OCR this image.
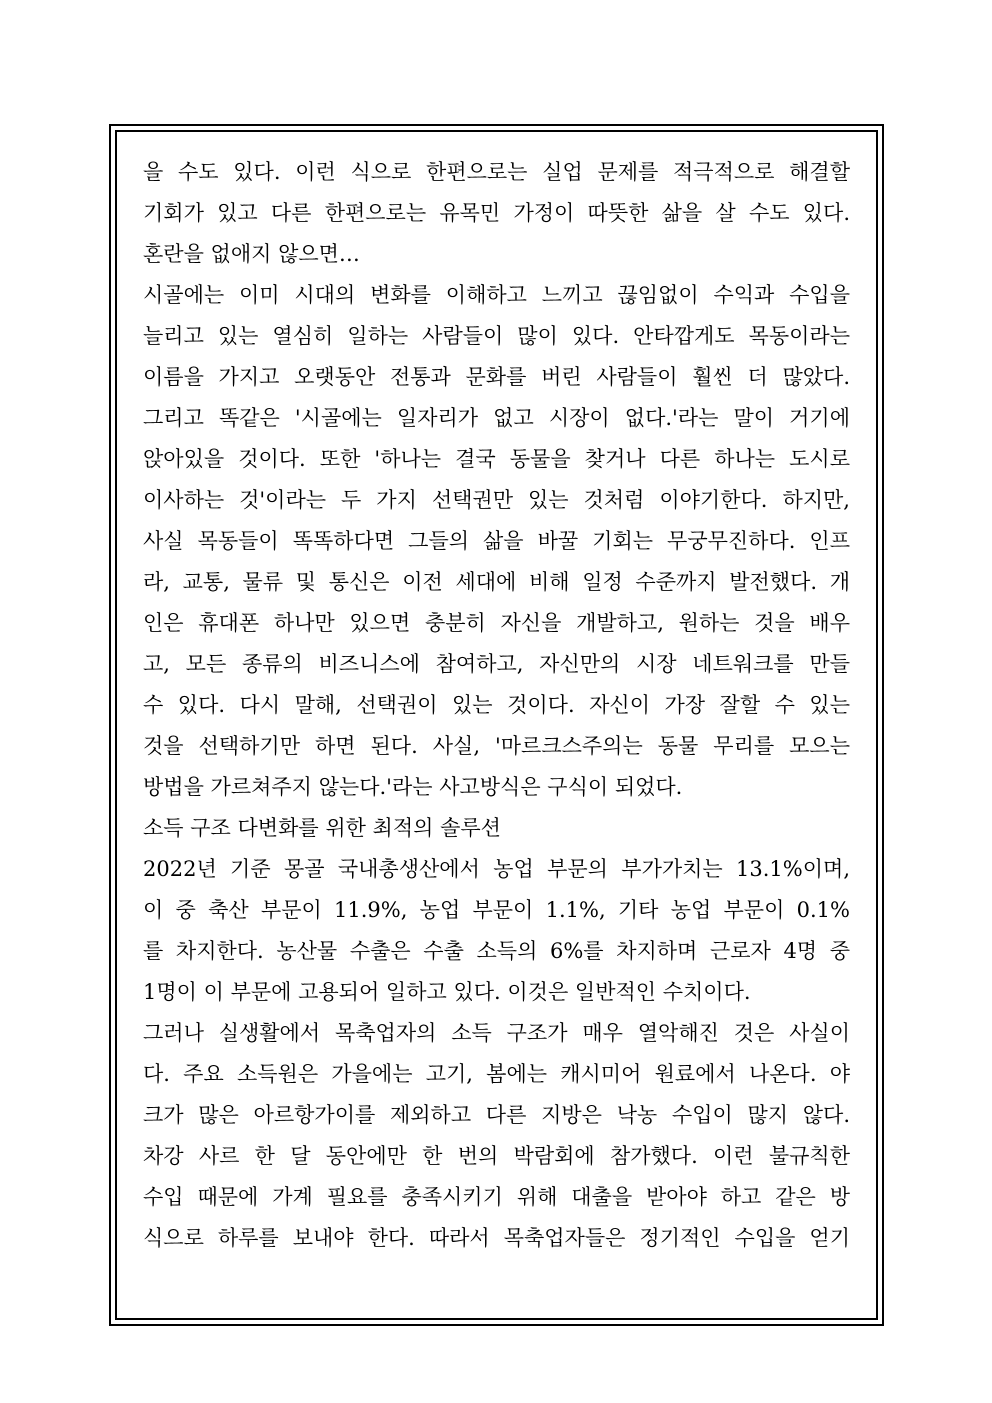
을 수도 있다. 이런 식으로 한편으로는 실업 문제를 적극적으로 해결할
기회가 있고 다른 한편으로는 유목민 가정이 따뜻한 삶을 살 수도 있다.
혼란을 없애지 않으면…
시골에는 이미 시대의 변화를 이해하고 느끼고 끊임없이 수익과 수입을
늘리고 있는 열심히 일하는 사람들이 많이 있다. 안타깝게도 목동이라는
이름을 가지고 오랫동안 전통과 문화를 버린 사람들이 훨씬 더 많았다.
그리고 똑같은 '시골에는 일자리가 없고 시장이 없다.'라는 말이 거기에
앉아있을 것이다. 또한 '하나는 결국 동물을 찾거나 다른 하나는 도시로
이사하는 것'이라는 두 가지 선택권만 있는 것처럼 이야기한다. 하지만,
사실 목동들이 똑똑하다면 그들의 삶을 바꿀 기회는 무궁무진하다. 인프
라, 교통, 물류 및 통신은 이전 세대에 비해 일정 수준까지 발전했다. 개
인은 휴대폰 하나만 있으면 충분히 자신을 개발하고, 원하는 것을 배우
고, 모든 종류의 비즈니스에 참여하고, 자신만의 시장 네트워크를 만들
수 있다. 다시 말해, 선택권이 있는 것이다. 자신이 가장 잘할 수 있는
것을 선택하기만 하면 된다. 사실, '마르크스주의는 동물 무리를 모으는
방법을 가르쳐주지 않는다.'라는 사고방식은 구식이 되었다.
소득 구조 다변화를 위한 최적의 솔루션
2022년 기준 몽골 국내총생산에서 농업 부문의 부가가치는 13.1%이며,
이 중 축산 부문이 11.9%, 농업 부문이 1.1%, 기타 농업 부문이 0.1%
를 차지한다. 농산물 수출은 수출 소득의 6%를 차지하며 근로자 4명 중
1명이 이 부문에 고용되어 일하고 있다. 이것은 일반적인 수치이다.
그러나 실생활에서 목축업자의 소득 구조가 매우 열악해진 것은 사실이
다. 주요 소득원은 가을에는 고기, 봄에는 캐시미어 원료에서 나온다. 야
크가 많은 아르항가이를 제외하고 다른 지방은 낙농 수입이 많지 않다.
차강 사르 한 달 동안에만 한 번의 박람회에 참가했다. 이런 불규칙한
수입 때문에 가계 필요를 충족시키기 위해 대출을 받아야 하고 같은 방
식으로 하루를 보내야 한다. 따라서 목축업자들은 정기적인 수입을 얻기
